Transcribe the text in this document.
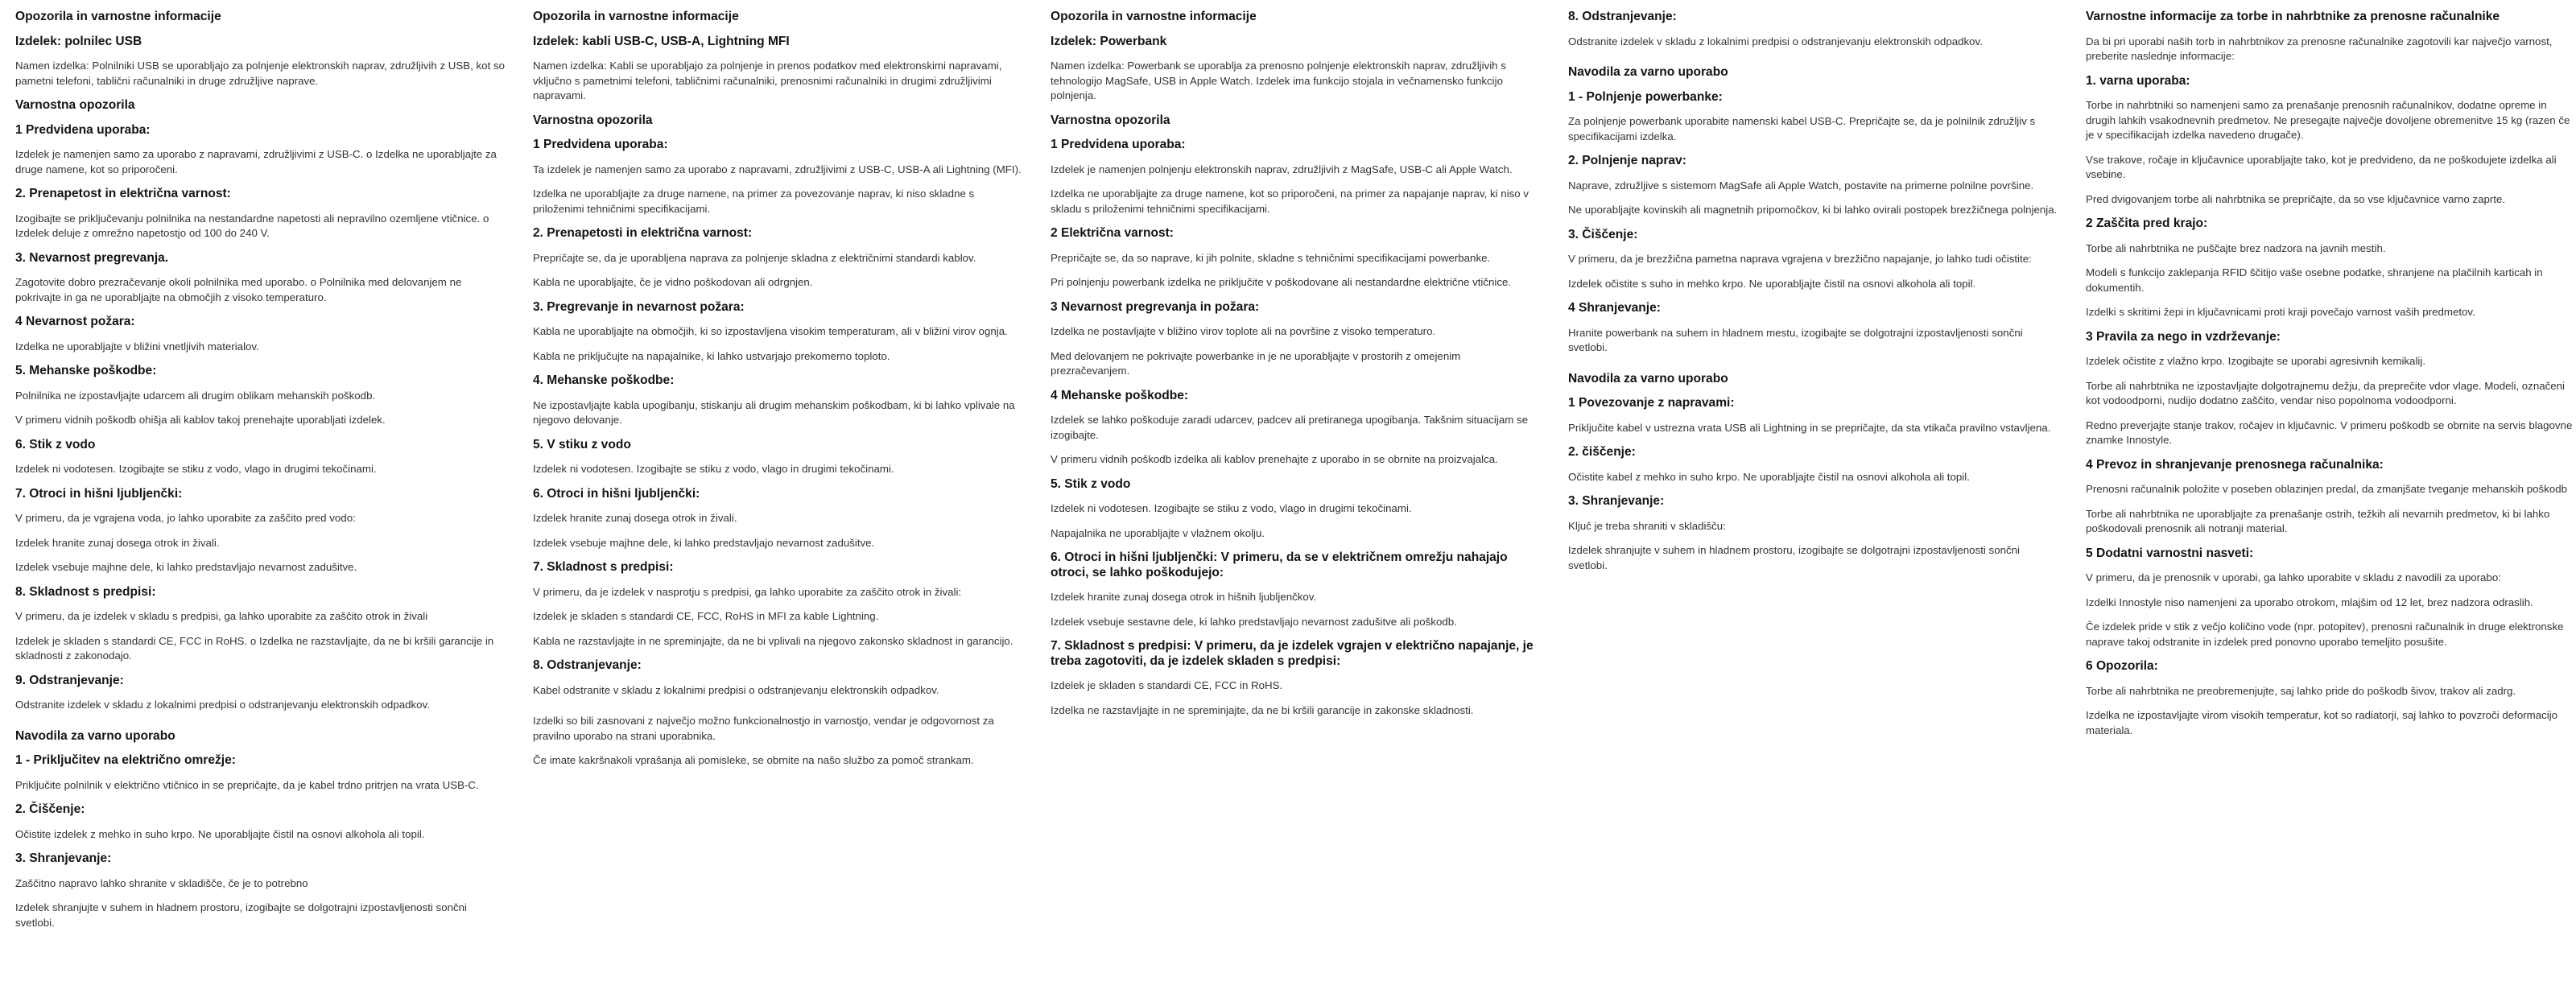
Opozorila in varnostne informacije
Izdelek: polnilec USB

Namen izdelka: Polnilniki USB se uporabljajo za polnjenje elektronskih naprav, združljivih z USB, kot so pametni telefoni, tablični računalniki in druge združljive naprave.

Varnostna opozorila
1 Predvidena uporaba:

Izdelek je namenjen samo za uporabo z napravami, združljivimi z USB-C. o Izdelka ne uporabljajte za druge namene, kot so priporočeni.

2. Prenapetost in električna varnost:

Izogibajte se priključevanju polnilnika na nestandardne napetosti ali nepravilno ozemljene vtičnice. o Izdelek deluje z omrežno napetostjo od 100 do 240 V.

3. Nevarnost pregrevanja.

Zagotovite dobro prezračevanje okoli polnilnika med uporabo. o Polnilnika med delovanjem ne pokrivajte in ga ne uporabljajte na območjih z visoko temperaturo.

4 Nevarnost požara:

Izdelka ne uporabljajte v bližini vnetljivih materialov.

5. Mehanske poškodbe:

Polnilnika ne izpostavljajte udarcem ali drugim oblikam mehanskih poškodb.

V primeru vidnih poškodb ohišja ali kablov takoj prenehajte uporabljati izdelek.

6. Stik z vodo

Izdelek ni vodotesen. Izogibajte se stiku z vodo, vlago in drugimi tekočinami.

7. Otroci in hišni ljubljenčki:

V primeru, da je vgrajena voda, jo lahko uporabite za zaščito pred vodo:

Izdelek hranite zunaj dosega otrok in živali.

Izdelek vsebuje majhne dele, ki lahko predstavljajo nevarnost zadušitve.

8. Skladnost s predpisi:

V primeru, da je izdelek v skladu s predpisi, ga lahko uporabite za zaščito otrok in živali

Izdelek je skladen s standardi CE, FCC in RoHS. o Izdelka ne razstavljajte, da ne bi kršili garancije in skladnosti z zakonodajo.

9. Odstranjevanje:

Odstranite izdelek v skladu z lokalnimi predpisi o odstranjevanju elektronskih odpadkov.

Navodila za varno uporabo
1 - Priključitev na električno omrežje:

Priključite polnilnik v električno vtičnico in se prepričajte, da je kabel trdno pritrjen na vrata USB-C.

2. Čiščenje:

Očistite izdelek z mehko in suho krpo. Ne uporabljajte čistil na osnovi alkohola ali topil.

3. Shranjevanje:

Zaščitno napravo lahko shranite v skladišče, če je to potrebno

Izdelek shranjujte v suhem in hladnem prostoru, izogibajte se dolgotrajni izpostavljenosti sončni svetlobi.

Opozorila in varnostne informacije
Izdelek: kabli USB-C, USB-A, Lightning MFI

Namen izdelka: Kabli se uporabljajo za polnjenje in prenos podatkov med elektronskimi napravami, vključno s pametnimi telefoni, tabličnimi računalniki, prenosnimi računalniki in drugimi združljivimi napravami.

Varnostna opozorila
1 Predvidena uporaba:

Ta izdelek je namenjen samo za uporabo z napravami, združljivimi z USB-C, USB-A ali Lightning (MFI).

Izdelka ne uporabljajte za druge namene, na primer za povezovanje naprav, ki niso skladne s priloženimi tehničnimi specifikacijami.

2. Prenapetosti in električna varnost:

Prepričajte se, da je uporabljena naprava za polnjenje skladna z električnimi standardi kablov.

Kabla ne uporabljajte, če je vidno poškodovan ali odrgnjen.

3. Pregrevanje in nevarnost požara:

Kabla ne uporabljajte na območjih, ki so izpostavljena visokim temperaturam, ali v bližini virov ognja.

Kabla ne priključujte na napajalnike, ki lahko ustvarjajo prekomerno toploto.

4. Mehanske poškodbe:

Ne izpostavljajte kabla upogibanju, stiskanju ali drugim mehanskim poškodbam, ki bi lahko vplivale na njegovo delovanje.

5. V stiku z vodo

Izdelek ni vodotesen. Izogibajte se stiku z vodo, vlago in drugimi tekočinami.

6. Otroci in hišni ljubljenčki:

Izdelek hranite zunaj dosega otrok in živali.

Izdelek vsebuje majhne dele, ki lahko predstavljajo nevarnost zadušitve.

7. Skladnost s predpisi:

V primeru, da je izdelek v nasprotju s predpisi, ga lahko uporabite za zaščito otrok in živali:

Izdelek je skladen s standardi CE, FCC, RoHS in MFI za kable Lightning.

Kabla ne razstavljajte in ne spreminjajte, da ne bi vplivali na njegovo zakonsko skladnost in garancijo.

8. Odstranjevanje:

Kabel odstranite v skladu z lokalnimi predpisi o odstranjevanju elektronskih odpadkov.

Izdelki so bili zasnovani z največjo možno funkcionalnostjo in varnostjo, vendar je odgovornost za pravilno uporabo na strani uporabnika.

Če imate kakršnakoli vprašanja ali pomisleke, se obrnite na našo službo za pomoč strankam.

Opozorila in varnostne informacije
Izdelek: Powerbank

Namen izdelka: Powerbank se uporablja za prenosno polnjenje elektronskih naprav, združljivih s tehnologijo MagSafe, USB in Apple Watch. Izdelek ima funkcijo stojala in večnamensko funkcijo polnjenja.

Varnostna opozorila
1 Predvidena uporaba:

Izdelek je namenjen polnjenju elektronskih naprav, združljivih z MagSafe, USB-C ali Apple Watch.

Izdelka ne uporabljajte za druge namene, kot so priporočeni, na primer za napajanje naprav, ki niso v skladu s priloženimi tehničnimi specifikacijami.

2 Električna varnost:

Prepričajte se, da so naprave, ki jih polnite, skladne s tehničnimi specifikacijami powerbanke.

Pri polnjenju powerbank izdelka ne priključite v poškodovane ali nestandardne električne vtičnice.

3 Nevarnost pregrevanja in požara:

Izdelka ne postavljajte v bližino virov toplote ali na površine z visoko temperaturo.

Med delovanjem ne pokrivajte powerbanke in je ne uporabljajte v prostorih z omejenim prezračevanjem.

4 Mehanske poškodbe:

Izdelek se lahko poškoduje zaradi udarcev, padcev ali pretiranega upogibanja. Takšnim situacijam se izogibajte.

V primeru vidnih poškodb izdelka ali kablov prenehajte z uporabo in se obrnite na proizvajalca.

5. Stik z vodo

Izdelek ni vodotesen. Izogibajte se stiku z vodo, vlago in drugimi tekočinami.

Napajalnika ne uporabljajte v vlažnem okolju.

6. Otroci in hišni ljubljenčki: V primeru, da se v električnem omrežju nahajajo otroci, se lahko poškodujejo:

Izdelek hranite zunaj dosega otrok in hišnih ljubljenčkov.

Izdelek vsebuje sestavne dele, ki lahko predstavljajo nevarnost zadušitve ali poškodb.

7. Skladnost s predpisi: V primeru, da je izdelek vgrajen v električno napajanje, je treba zagotoviti, da je izdelek skladen s predpisi:

Izdelek je skladen s standardi CE, FCC in RoHS.

Izdelka ne razstavljajte in ne spreminjajte, da ne bi kršili garancije in zakonske skladnosti.

8. Odstranjevanje:

Odstranite izdelek v skladu z lokalnimi predpisi o odstranjevanju elektronskih odpadkov.

Navodila za varno uporabo
1 - Polnjenje powerbanke:

Za polnjenje powerbank uporabite namenski kabel USB-C. Prepričajte se, da je polnilnik združljiv s specifikacijami izdelka.

2. Polnjenje naprav:

Naprave, združljive s sistemom MagSafe ali Apple Watch, postavite na primerne polnilne površine.

Ne uporabljajte kovinskih ali magnetnih pripomočkov, ki bi lahko ovirali postopek brezžičnega polnjenja.

3. Čiščenje:

V primeru, da je brezžična pametna naprava vgrajena v brezžično napajanje, jo lahko tudi očistite:

Izdelek očistite s suho in mehko krpo. Ne uporabljajte čistil na osnovi alkohola ali topil.

4 Shranjevanje:

Hranite powerbank na suhem in hladnem mestu, izogibajte se dolgotrajni izpostavljenosti sončni svetlobi.

Navodila za varno uporabo
1 Povezovanje z napravami:

Priključite kabel v ustrezna vrata USB ali Lightning in se prepričajte, da sta vtikača pravilno vstavljena.

2. čiščenje:

Očistite kabel z mehko in suho krpo. Ne uporabljajte čistil na osnovi alkohola ali topil.

3. Shranjevanje:

Ključ je treba shraniti v skladišču:

Izdelek shranjujte v suhem in hladnem prostoru, izogibajte se dolgotrajni izpostavljenosti sončni svetlobi.

Varnostne informacije za torbe in nahrbtnike za prenosne računalnike

Da bi pri uporabi naših torb in nahrbtnikov za prenosne računalnike zagotovili kar največjo varnost, preberite naslednje informacije:

1. varna uporaba:

Torbe in nahrbtniki so namenjeni samo za prenašanje prenosnih računalnikov, dodatne opreme in drugih lahkih vsakodnevnih predmetov. Ne presegajte največje dovoljene obremenitve 15 kg (razen če je v specifikacijah izdelka navedeno drugače).

Vse trakove, ročaje in ključavnice uporabljajte tako, kot je predvideno, da ne poškodujete izdelka ali vsebine.

Pred dvigovanjem torbe ali nahrbtnika se prepričajte, da so vse ključavnice varno zaprte.

2 Zaščita pred krajo:

Torbe ali nahrbtnika ne puščajte brez nadzora na javnih mestih.

Modeli s funkcijo zaklepanja RFID ščitijo vaše osebne podatke, shranjene na plačilnih karticah in dokumentih.

Izdelki s skritimi žepi in ključavnicami proti kraji povečajo varnost vaših predmetov.

3 Pravila za nego in vzdrževanje:

Izdelek očistite z vlažno krpo. Izogibajte se uporabi agresivnih kemikalij.

Torbe ali nahrbtnika ne izpostavljajte dolgotrajnemu dežju, da preprečite vdor vlage. Modeli, označeni kot vodoodporni, nudijo dodatno zaščito, vendar niso popolnoma vodoodporni.

Redno preverjajte stanje trakov, ročajev in ključavnic. V primeru poškodb se obrnite na servis blagovne znamke Innostyle.

4 Prevoz in shranjevanje prenosnega računalnika:

Prenosni računalnik položite v poseben oblazinjen predal, da zmanjšate tveganje mehanskih poškodb

Torbe ali nahrbtnika ne uporabljajte za prenašanje ostrih, težkih ali nevarnih predmetov, ki bi lahko poškodovali prenosnik ali notranji material.

5 Dodatni varnostni nasveti:

V primeru, da je prenosnik v uporabi, ga lahko uporabite v skladu z navodili za uporabo:

Izdelki Innostyle niso namenjeni za uporabo otrokom, mlajšim od 12 let, brez nadzora odraslih.

Če izdelek pride v stik z večjo količino vode (npr. potopitev), prenosni računalnik in druge elektronske naprave takoj odstranite in izdelek pred ponovno uporabo temeljito posušite.

6 Opozorila:

Torbe ali nahrbtnika ne preobremenjujte, saj lahko pride do poškodb šivov, trakov ali zadrg.

Izdelka ne izpostavljajte virom visokih temperatur, kot so radiatorji, saj lahko to povzroči deformacijo materiala.
